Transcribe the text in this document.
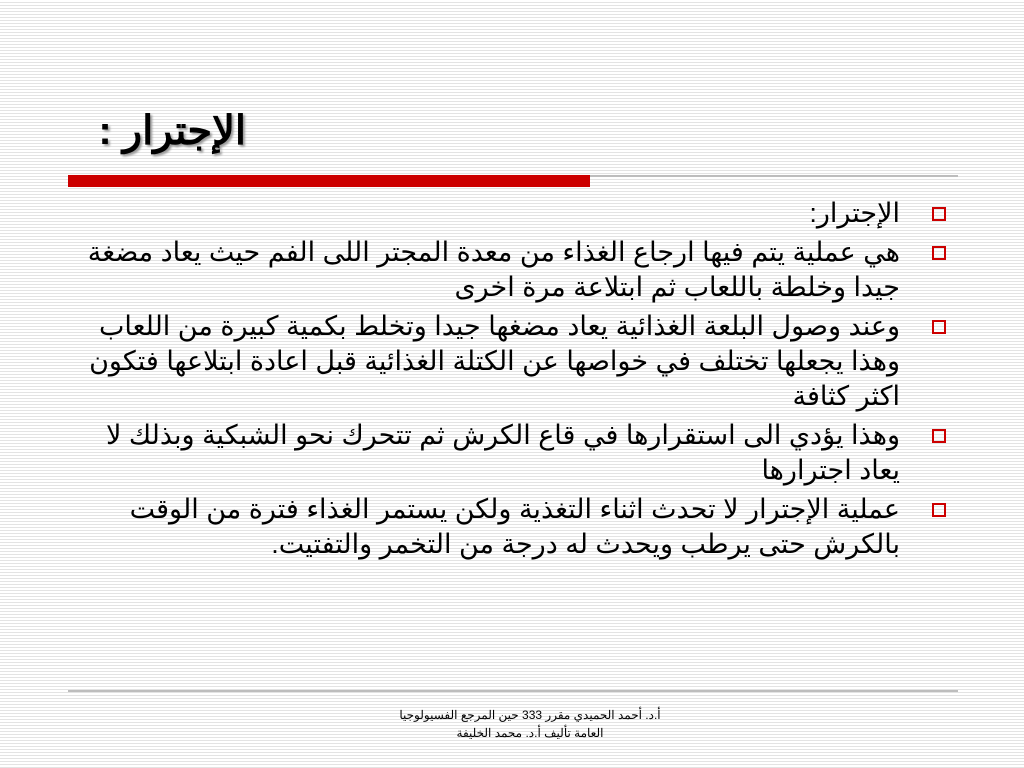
الإجترار :
الإجترار:
هي عملية يتم فيها ارجاع الغذاء من معدة المجتر اللى الفم حيث يعاد مضغة جيدا وخلطة باللعاب ثم ابتلاعة مرة اخرى
وعند وصول البلعة الغذائية يعاد مضغها جيدا وتخلط بكمية كبيرة من اللعاب وهذا يجعلها تختلف في خواصها عن الكتلة الغذائية قبل اعادة ابتلاعها فتكون اكثر كثافة
وهذا يؤدي الى استقرارها في قاع الكرش ثم تتحرك نحو الشبكية وبذلك لا يعاد اجترارها
عملية الإجترار لا تحدث اثناء التغذية ولكن يستمر الغذاء فترة من الوقت بالكرش حتى يرطب ويحدث له درجة من التخمر والتفتيت.
أ.د. أحمد الحميدي مقرر 333 حين المرجع الفسيولوجيا
العامة تأليف أ.د. محمد الخليفة
